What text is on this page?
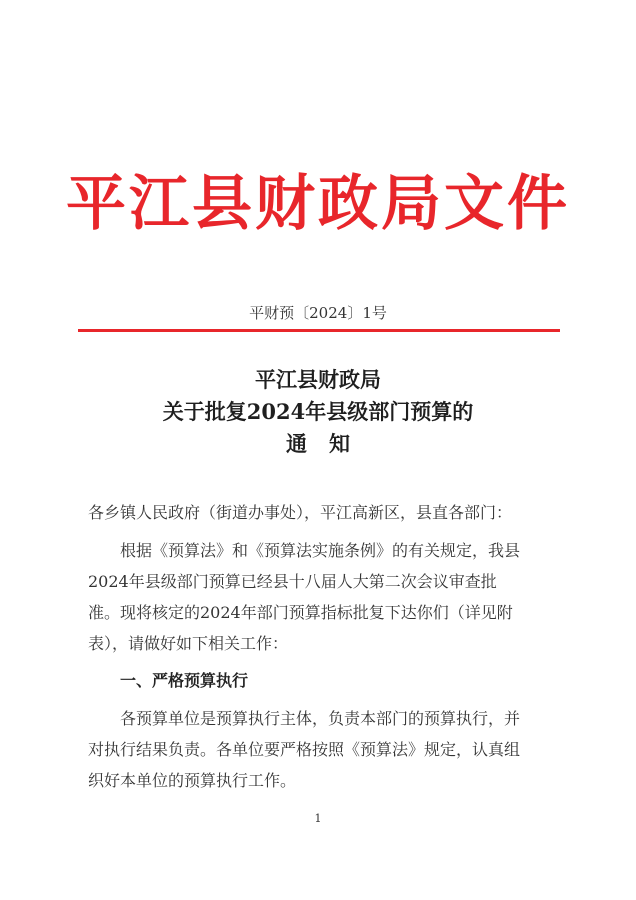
平江县财政局文件
平财预〔2024〕1号
平江县财政局
关于批复2024年县级部门预算的
通知
各乡镇人民政府（街道办事处），平江高新区，县直各部门：
根据《预算法》和《预算法实施条例》的有关规定，我县
2024年县级部门预算已经县十八届人大第二次会议审查批
准。现将核定的2024年部门预算指标批复下达你们（详见附
表），请做好如下相关工作：
一、严格预算执行
各预算单位是预算执行主体，负责本部门的预算执行，并
对执行结果负责。各单位要严格按照《预算法》规定，认真组
织好本单位的预算执行工作。
1
